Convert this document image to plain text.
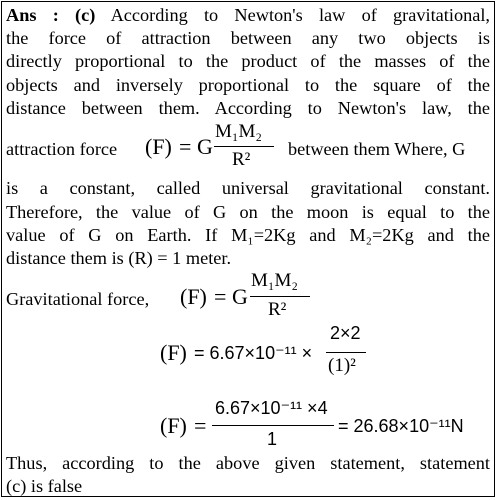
Ans : (c) According to Newton's law of gravitational,
the force of attraction between any two objects is
directly proportional to the product of the masses of the
objects and inversely proportional to the square of the
distance between them. According to Newton's law, the
attraction force (F) = G
M₁M₂
R² between them Where, G
is a constant, called universal gravitational constant.
Therefore, the value of G on the moon is equal to the
value of G on Earth. If M₁=2Kg and M₂=2Kg and the
distance them is (R) = 1 meter.
Gravitational force, (F) = G
M₁M₂
R²
(F) = 6.67×10⁻¹¹ ×
2×2
(1)²
(F) =
6.67×10⁻¹¹ ×4
1
= 26.68×10⁻¹¹N
Thus, according to the above given statement, statement
(c) is false
